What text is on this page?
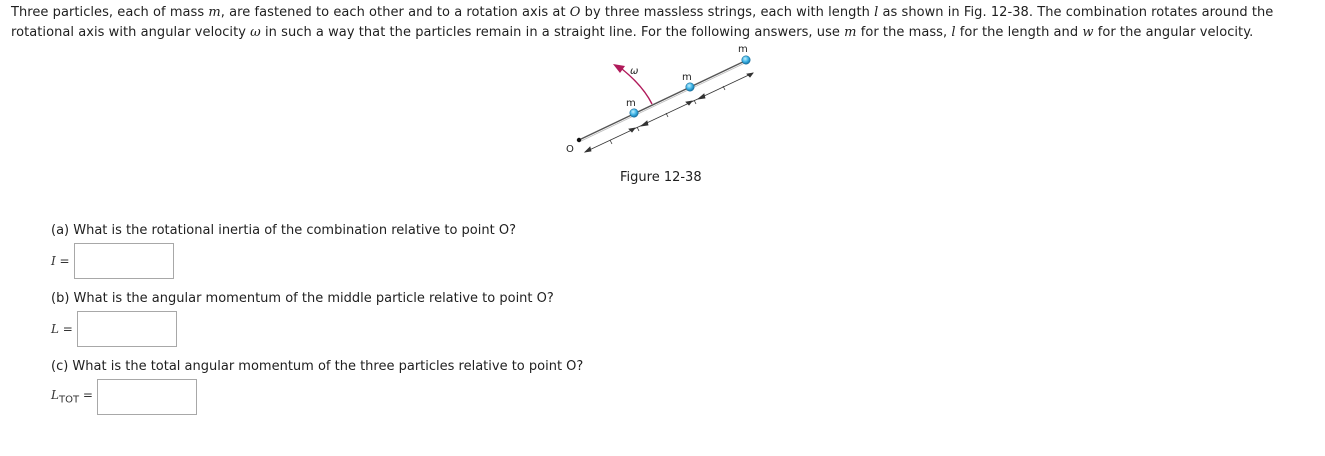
Three particles, each of mass m, are fastened to each other and to a rotation axis at O by three massless strings, each with length l as shown in Fig. 12-38. The combination rotates around the rotational axis with angular velocity ω in such a way that the particles remain in a straight line. For the following answers, use m for the mass, l for the length and w for the angular velocity.
O
m
m
m
ω
Figure 12-38
(a) What is the rotational inertia of the combination relative to point O?
I =
(b) What is the angular momentum of the middle particle relative to point O?
L =
(c) What is the total angular momentum of the three particles relative to point O?
$L_{TOT}$ =
